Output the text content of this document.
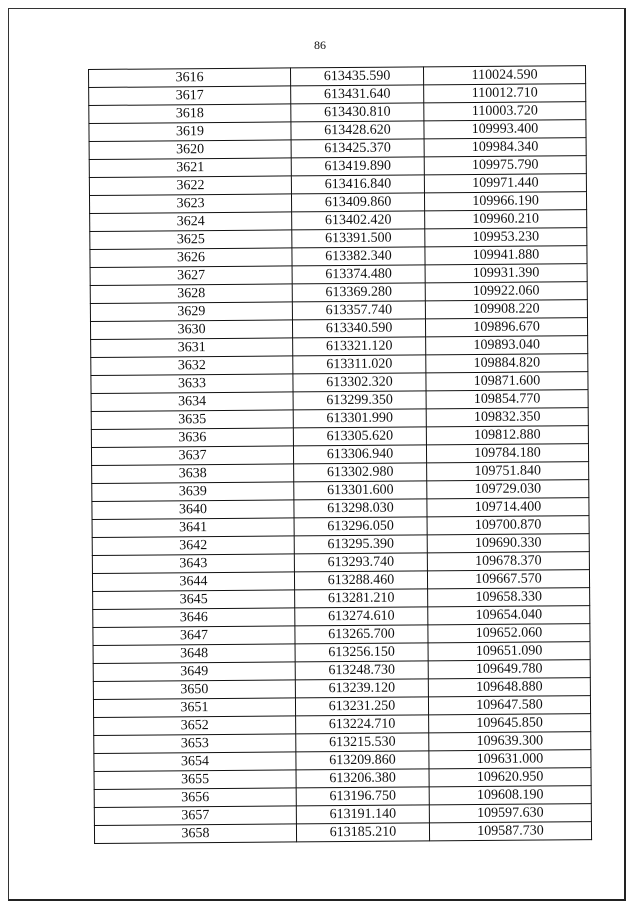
86
3616	613435.590	110024.590
3617	613431.640	110012.710
3618	613430.810	110003.720
3619	613428.620	109993.400
3620	613425.370	109984.340
3621	613419.890	109975.790
3622	613416.840	109971.440
3623	613409.860	109966.190
3624	613402.420	109960.210
3625	613391.500	109953.230
3626	613382.340	109941.880
3627	613374.480	109931.390
3628	613369.280	109922.060
3629	613357.740	109908.220
3630	613340.590	109896.670
3631	613321.120	109893.040
3632	613311.020	109884.820
3633	613302.320	109871.600
3634	613299.350	109854.770
3635	613301.990	109832.350
3636	613305.620	109812.880
3637	613306.940	109784.180
3638	613302.980	109751.840
3639	613301.600	109729.030
3640	613298.030	109714.400
3641	613296.050	109700.870
3642	613295.390	109690.330
3643	613293.740	109678.370
3644	613288.460	109667.570
3645	613281.210	109658.330
3646	613274.610	109654.040
3647	613265.700	109652.060
3648	613256.150	109651.090
3649	613248.730	109649.780
3650	613239.120	109648.880
3651	613231.250	109647.580
3652	613224.710	109645.850
3653	613215.530	109639.300
3654	613209.860	109631.000
3655	613206.380	109620.950
3656	613196.750	109608.190
3657	613191.140	109597.630
3658	613185.210	109587.730
